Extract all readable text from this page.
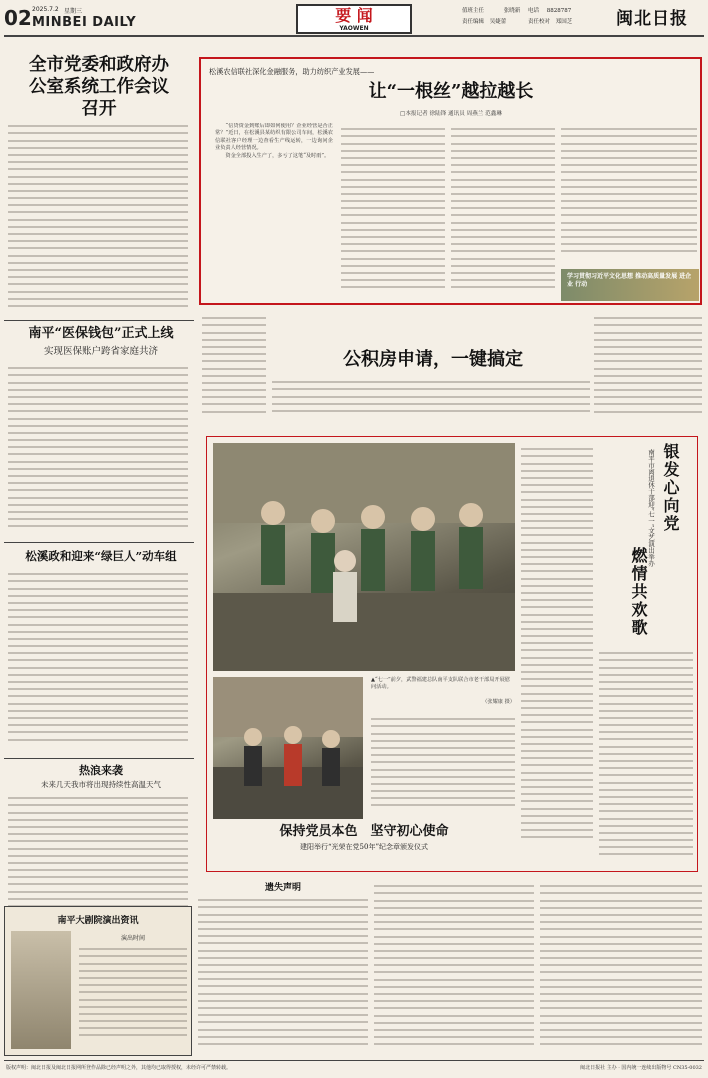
02 2025.7.2 星期三
MINBEI DAILY	要 闻
YAOWEN
值班主任	张晓新
责任编辑 吴婕蕾
电话 8828787
责任校对 郑国芝	闽北日报
全市党委和政府办公室系统工作会议召开
南平“医保钱包”正式上线
实现医保账户跨省家庭共济
松溪政和迎来“绿巨人”动车组
热浪来袭
未来几天我市将出现持续性高温天气
松溪农信联社深化金融服务，助力纺织产业发展——
让“一根丝”越拉越长
□本报记者 徐陆锋 通讯员 周燕兰 范鑫琳

“信贷资金到账后即如何使用？企业经营是否正常？”近日，在松溪县某纺织有限公司车间，松溪农信联社客户经理一边查看生产线运转，一边询问企业负责人经营情况。

资金全部投入生产了，多亏了这笔“及时雨”。

学习贯彻习近平文化思想 推动高质量发展 进企业 行动
公积房申请，一键搞定
▲“七一”前夕，武警福建总队南平支队联合市老干部局开展慰问活动。
（张耀康 摄）
银发心向党
南平市离退休干部迎“七一”文艺演出举办
燃情共欢歌
保持党员本色　坚守初心使命
建阳举行“光荣在党50年”纪念章颁发仪式
南平大剧院演出资讯
演出时间
遗失声明
版权声明：闽北日报及闽北日报网所登作品除已经声明之外，其他均已取得授权，未经许可严禁转载。	闽北日报社 主办 · 国内统一连续出版物号 CN35-0032
